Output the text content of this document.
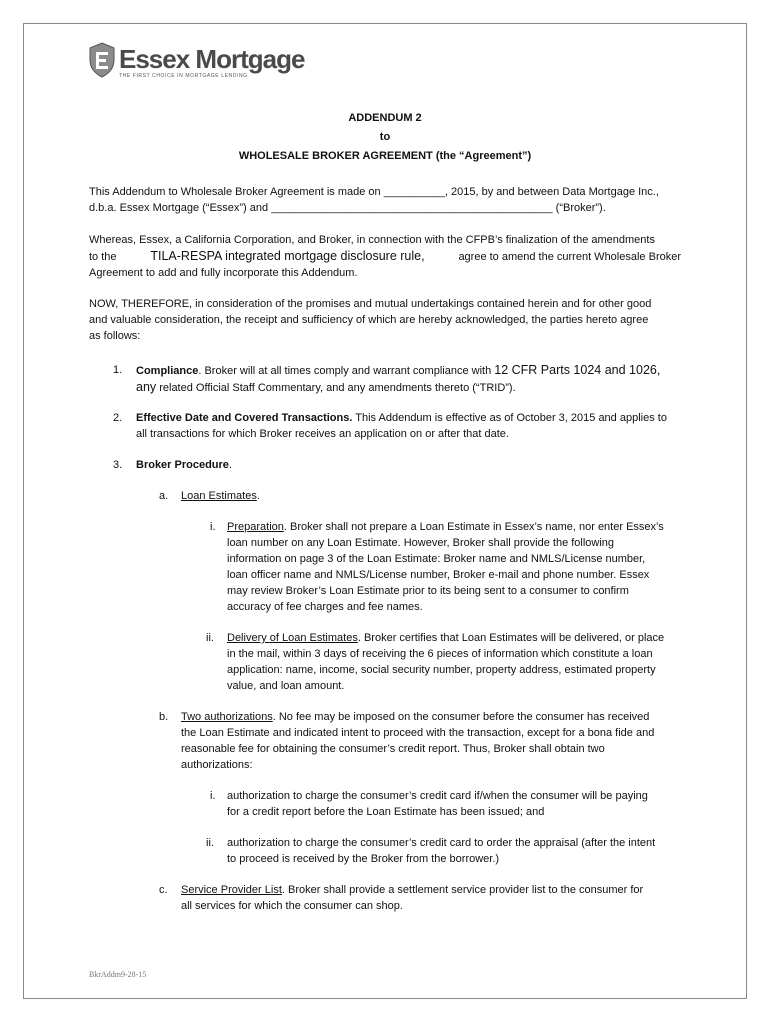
Essex Mortgage
THE FIRST CHOICE IN MORTGAGE LENDING
ADDENDUM 2
to
WHOLESALE BROKER AGREEMENT (the “Agreement”)
This Addendum to Wholesale Broker Agreement is made on __________, 2015, by and between Data Mortgage Inc.,
d.b.a. Essex Mortgage (“Essex”) and ______________________________________________ (“Broker”).
Whereas, Essex, a California Corporation, and Broker, in connection with the CFPB’s finalization of the amendments
to the	TILA-RESPA integrated mortgage disclosure rule,	agree to amend the current Wholesale Broker
Agreement to add and fully incorporate this Addendum.
NOW, THEREFORE, in consideration of the promises and mutual undertakings contained herein and for other good
and valuable consideration, the receipt and sufficiency of which are hereby acknowledged, the parties hereto agree
as follows:
1. Compliance. Broker will at all times comply and warrant compliance with 12 CFR Parts 1024 and 1026,
any related Official Staff Commentary, and any amendments thereto (“TRID”).
2. Effective Date and Covered Transactions. This Addendum is effective as of October 3, 2015 and applies to
all transactions for which Broker receives an application on or after that date.
3. Broker Procedure.
a. Loan Estimates.
i. Preparation. Broker shall not prepare a Loan Estimate in Essex’s name, nor enter Essex’s
loan number on any Loan Estimate. However, Broker shall provide the following
information on page 3 of the Loan Estimate: Broker name and NMLS/License number,
loan officer name and NMLS/License number, Broker e-mail and phone number. Essex
may review Broker’s Loan Estimate prior to its being sent to a consumer to confirm
accuracy of fee charges and fee names.
ii. Delivery of Loan Estimates. Broker certifies that Loan Estimates will be delivered, or place
in the mail, within 3 days of receiving the 6 pieces of information which constitute a loan
application: name, income, social security number, property address, estimated property
value, and loan amount.
b. Two authorizations. No fee may be imposed on the consumer before the consumer has received
the Loan Estimate and indicated intent to proceed with the transaction, except for a bona fide and
reasonable fee for obtaining the consumer’s credit report. Thus, Broker shall obtain two
authorizations:
i. authorization to charge the consumer’s credit card if/when the consumer will be paying
for a credit report before the Loan Estimate has been issued; and
ii. authorization to charge the consumer’s credit card to order the appraisal (after the intent
to proceed is received by the Broker from the borrower.)
c. Service Provider List. Broker shall provide a settlement service provider list to the consumer for
all services for which the consumer can shop.
BkrAddm9-28-15
